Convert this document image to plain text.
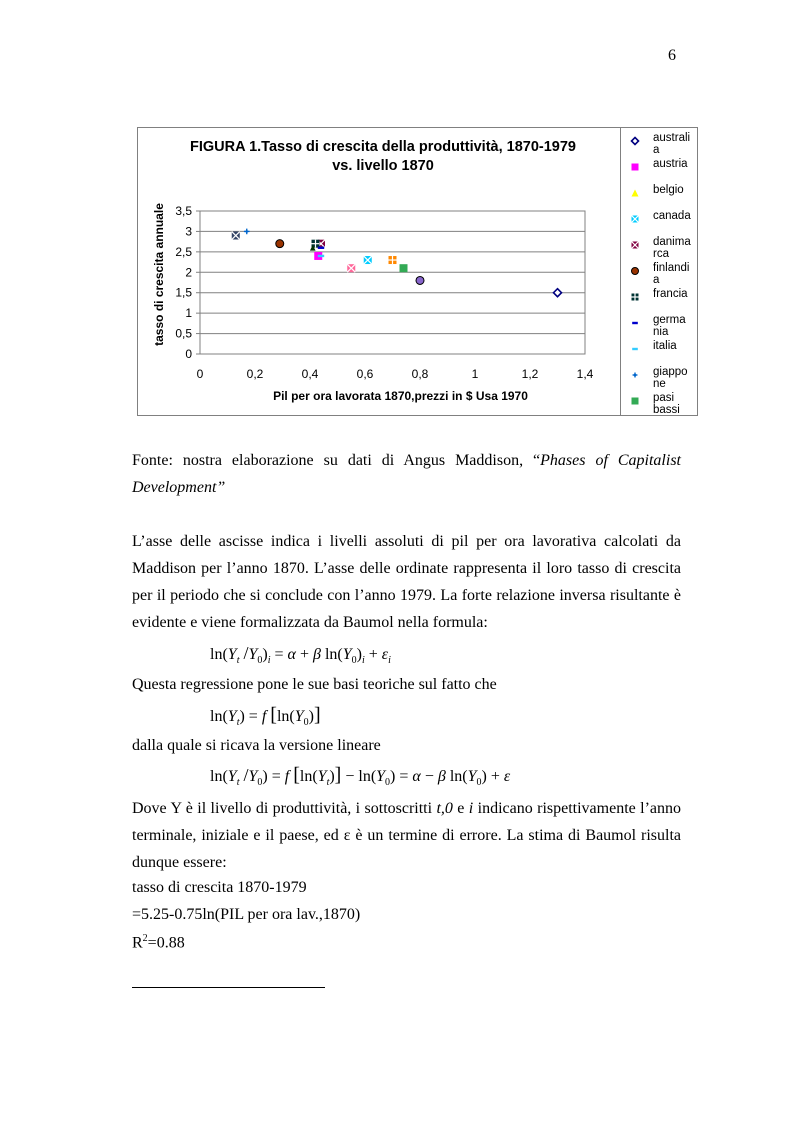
6
FIGURA 1.Tasso di crescita della produttività, 1870-1979
vs. livello 1870
0
0,5
1
1,5
2
2,5
3
3,5
0	0,2	0,4	0,6	0,8	1	1,2	1,4
Pil per ora lavorata 1870,prezzi in $ Usa 1970
tasso di crescita annuale
australi
a
austria
belgio
canada
danima
rca
finlandi
a
francia
germa
nia
italia
giappo
ne
pasi
bassi
Fonte: nostra elaborazione su dati di Angus Maddison, “Phases of Capitalist Development”
L’asse delle ascisse indica i livelli assoluti di pil per ora lavorativa calcolati da Maddison per l’anno 1870. L’asse delle ordinate rappresenta il loro tasso di crescita per il periodo che si conclude con l’anno 1979. La forte relazione inversa risultante è evidente e viene formalizzata da Baumol nella formula:
$\ln(Y_t$ $/Y_0)_i = \alpha + \beta$ $\ln(Y_0)_i + \varepsilon_i$
Questa regressione pone le sue basi teoriche sul fatto che
$\ln(Y_t) = f$ $[\ln(Y_0)]$
dalla quale si ricava la versione lineare
$\ln(Y_t$ $/Y_0) = f$ $[\ln(Y_t)] - \ln(Y_0) = \alpha - \beta$ $\ln(Y_0) + \varepsilon$
Dove Y è il livello di produttività, i sottoscritti t,0 e i indicano rispettivamente l’anno terminale, iniziale e il paese, ed ε è un termine di errore. La stima di Baumol risulta dunque essere:
tasso di crescita 1870-1979
=5.25-0.75ln(PIL per ora lav.,1870)
$R^2=0.88$
